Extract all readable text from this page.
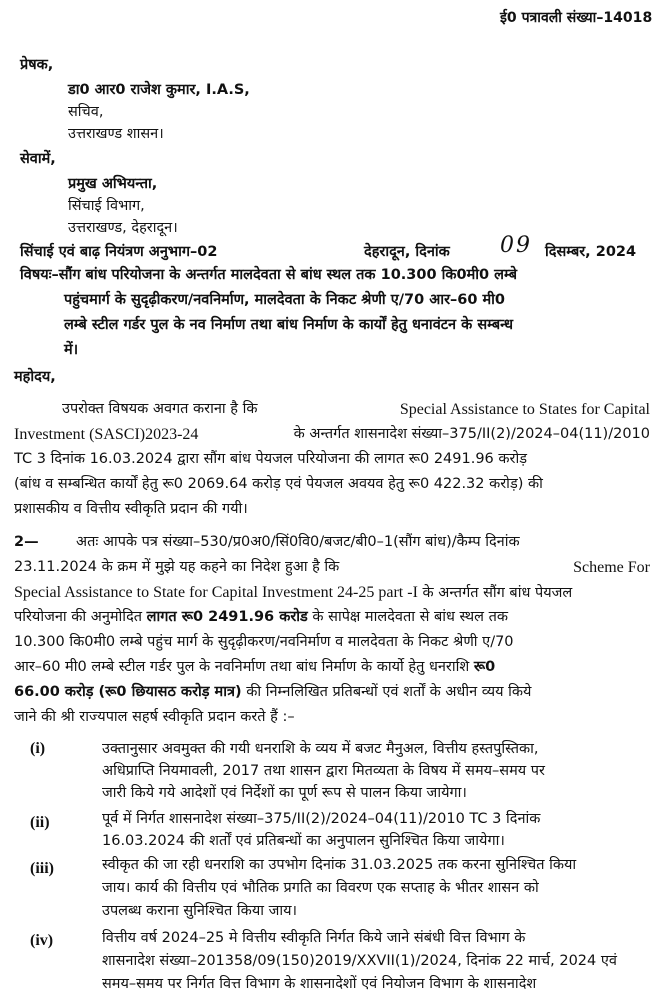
ई0 पत्रावली संख्या–14018
प्रेषक,
डा0 आर0 राजेश कुमार, I.A.S,
सचिव,
उत्तराखण्ड शासन।
सेवामें,
प्रमुख अभियन्ता,
सिंचाई विभाग,
उत्तराखण्ड, देहरादून।
सिंचाई एवं बाढ़ नियंत्रण अनुभाग–02	देहरादून, दिनांक 09 दिसम्बर, 2024
विषयः–सौंग बांध परियोजना के अन्तर्गत मालदेवता से बांध स्थल तक 10.300 कि0मी0 लम्बे
पहुंचमार्ग के सुदृढ़ीकरण/नवनिर्माण, मालदेवता के निकट श्रेणी ए/70 आर–60 मी0
लम्बे स्टील गर्डर पुल के नव निर्माण तथा बांध निर्माण के कार्यों हेतु धनावंटन के सम्बन्ध
में।
महोदय,
उपरोक्त विषयक अवगत कराना है कि	Special Assistance to States for Capital
Investment (SASCI)2023-24	के अन्तर्गत शासनादेश संख्या–375/II(2)/2024–04(11)/2010
TC 3 दिनांक 16.03.2024 द्वारा सौंग बांध पेयजल परियोजना की लागत रू0 2491.96 करोड़
(बांध व सम्बन्धित कार्यों हेतु रू0 2069.64 करोड़ एवं पेयजल अवयव हेतु रू0 422.32 करोड़) की
प्रशासकीय व वित्तीय स्वीकृति प्रदान की गयी।
2—	अतः आपके पत्र संख्या–530/प्र0अ0/सिं0वि0/बजट/बी0–1(सौंग बांध)/कैम्प दिनांक
23.11.2024 के क्रम में मुझे यह कहने का निदेश हुआ है कि	Scheme For
Special Assistance to State for Capital Investment 24-25 part -I के अन्तर्गत सौंग बांध पेयजल
परियोजना की अनुमोदित लागत रू0 2491.96 करोड के सापेक्ष मालदेवता से बांध स्थल तक
10.300 कि0मी0 लम्बे पहुंच मार्ग के सुदृढ़ीकरण/नवनिर्माण व मालदेवता के निकट श्रेणी ए/70
आर–60 मी0 लम्बे स्टील गर्डर पुल के नवनिर्माण तथा बांध निर्माण के कार्यो हेतु धनराशि रू0
66.00 करोड़ (रू0 छियासठ करोड़ मात्र) की निम्नलिखित प्रतिबन्धों एवं शर्तों के अधीन व्यय किये
जाने की श्री राज्यपाल सहर्ष स्वीकृति प्रदान करते हैं :–
(i)	उक्तानुसार अवमुक्त की गयी धनराशि के व्यय में बजट मैनुअल, वित्तीय हस्तपुस्तिका,
अधिप्राप्ति नियमावली, 2017 तथा शासन द्वारा मितव्यता के विषय में समय–समय पर
जारी किये गये आदेशों एवं निर्देशों का पूर्ण रूप से पालन किया जायेगा।
(ii)	पूर्व में निर्गत शासनादेश संख्या–375/II(2)/2024–04(11)/2010 TC 3 दिनांक
16.03.2024 की शर्तों एवं प्रतिबन्धों का अनुपालन सुनिश्चित किया जायेगा।
(iii)	स्वीकृत की जा रही धनराशि का उपभोग दिनांक 31.03.2025 तक करना सुनिश्चित किया
जाय। कार्य की वित्तीय एवं भौतिक प्रगति का विवरण एक सप्ताह के भीतर शासन को
उपलब्ध कराना सुनिश्चित किया जाय।
(iv)	वित्तीय वर्ष 2024–25 मे वित्तीय स्वीकृति निर्गत किये जाने संबंधी वित्त विभाग के
शासनादेश संख्या–201358/09(150)2019/XXVII(1)/2024, दिनांक 22 मार्च, 2024 एवं
समय–समय पर निर्गत वित्त विभाग के शासनादेशों एवं नियोजन विभाग के शासनादेश
